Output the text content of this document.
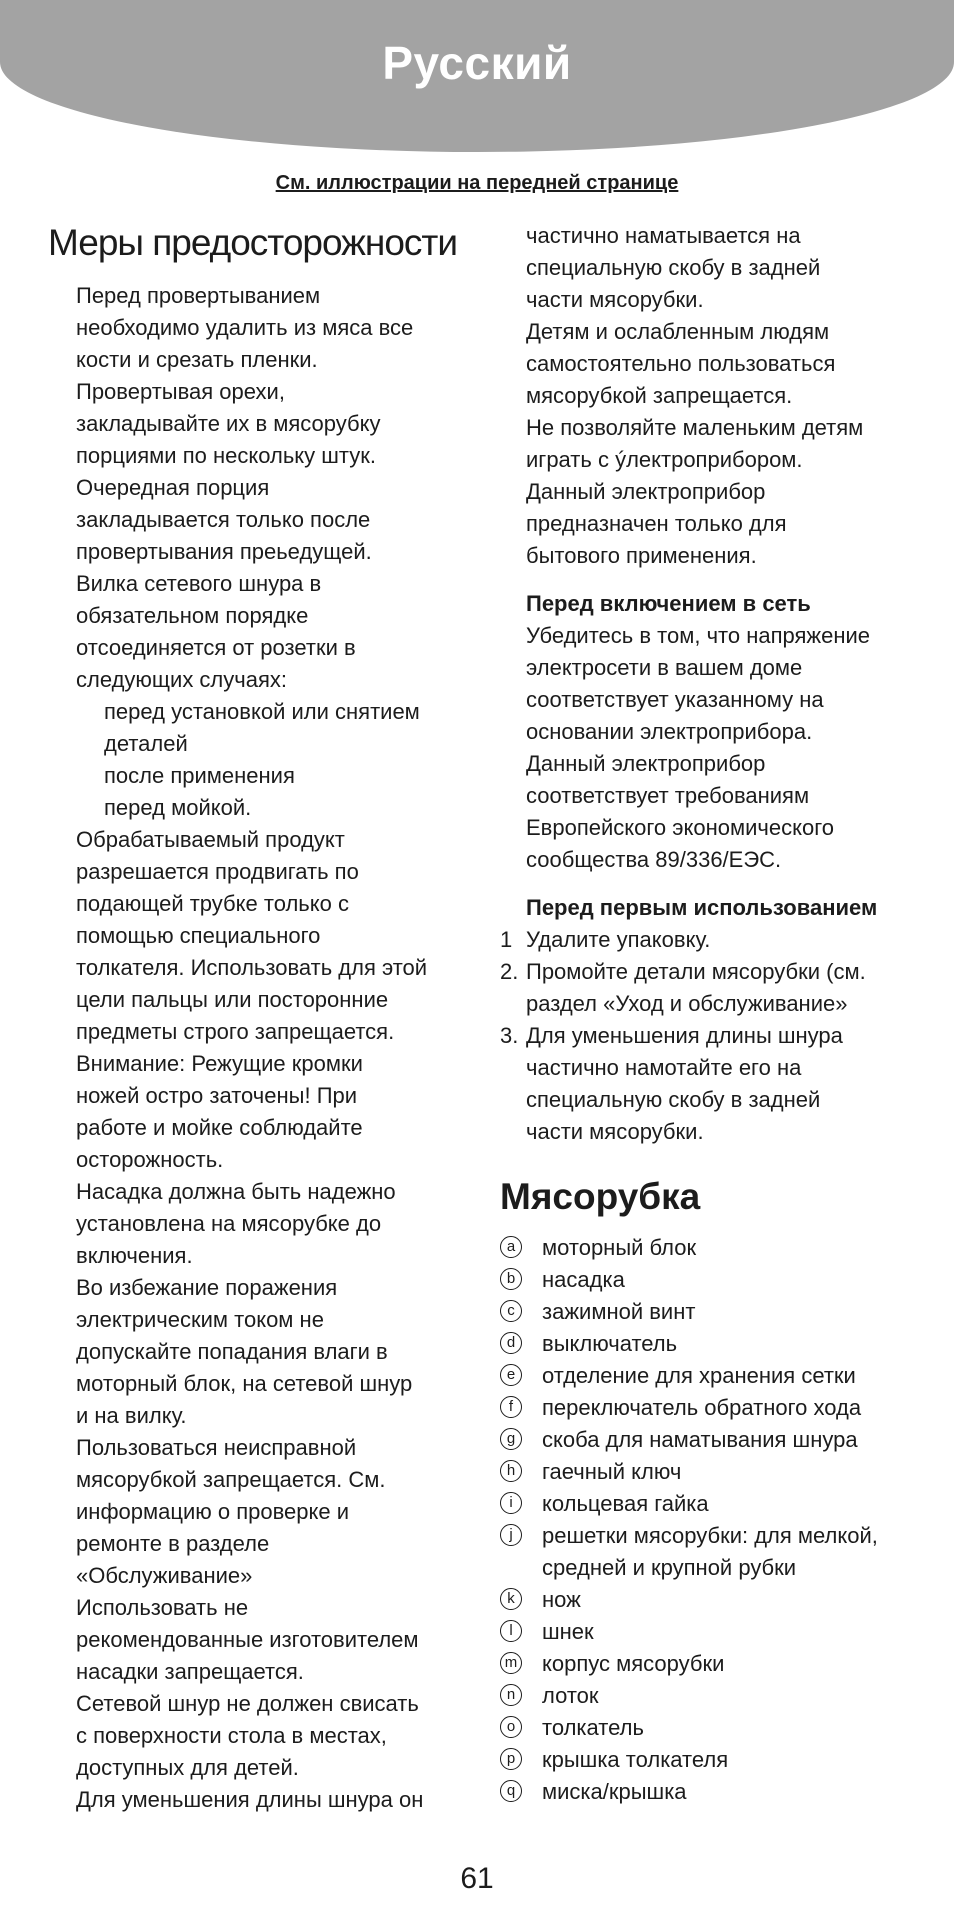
Русский
См. иллюстрации на передней странице
Меры предосторожности
Перед провертыванием
необходимо удалить из мяса все
кости и срезать пленки.
Провертывая орехи,
закладывайте их в мясорубку
порциями по нескольку штук.
Очередная порция
закладывается только после
провертывания преьедущей.
Вилка сетевого шнура в
обязательном порядке
отсоединяется от розетки в
следующих случаях:
перед установкой или снятием
деталей
после применения
перед мойкой.
Обрабатываемый продукт
разрешается продвигать по
подающей трубке только с
помощью специального
толкателя. Использовать для этой
цели пальцы или посторонние
предметы строго запрещается.
Внимание: Режущие кромки
ножей остро заточены! При
работе и мойке соблюдайте
осторожность.
Насадка должна быть надежно
установлена на мясорубке до
включения.
Во избежание поражения
электрическим током не
допускайте попадания влаги в
моторный блок, на сетевой шнур
и на вилку.
Пользоваться неисправной
мясорубкой запрещается. См.
информацию о проверке и
ремонте в разделе
«Обслуживание»
Использовать не
рекомендованные изготовителем
насадки запрещается.
Сетевой шнур не должен свисать
с поверхности стола в местах,
доступных для детей.
Для уменьшения длины шнура он
частично наматывается на
специальную скобу в задней
части мясорубки.
Детям и ослабленным людям
самостоятельно пользоваться
мясорубкой запрещается.
Не позволяйте маленьким детям
играть с ýлектроприбором.
Данный электроприбор
предназначен только для
бытового применения.
Перед включением в сеть
Убедитесь в том, что напряжение
электросети в вашем доме
соответствует указанному на
основании электроприбора.
Данный электроприбор
соответствует требованиям
Европейского экономического
сообщества 89/336/ЕЭС.
Перед первым использованием
1 Удалите упаковку.
2. Промойте детали мясорубки (см.
раздел «Уход и обслуживание»
3. Для уменьшения длины шнура
частично намотайте его на
специальную скобу в задней
части мясорубки.
Мясорубка
a	моторный блок
b	насадка
c	зажимной винт
d	выключатель
e	отделение для хранения сетки
f	переключатель обратного хода
g	скоба для наматывания шнура
h	гаечный ключ
i	кольцевая гайка
j	решетки мясорубки: для мелкой,
средней и крупной рубки
k	нож
l	шнек
m корпус мясорубки
n	лоток
o	толкатель
p	крышка толкателя
q	миска/крышка
61
